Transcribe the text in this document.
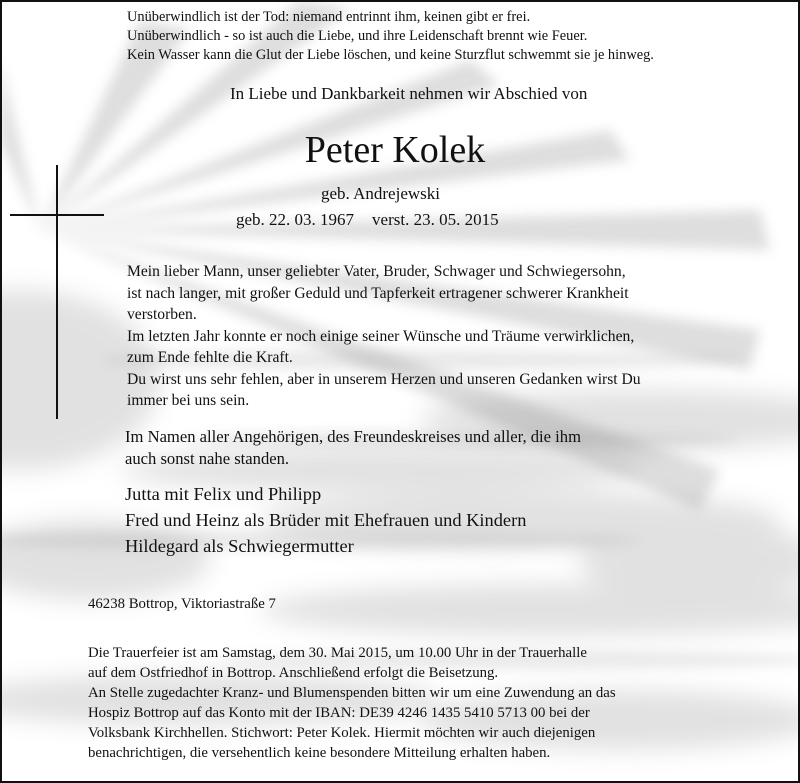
Unüberwindlich ist der Tod: niemand entrinnt ihm, keinen gibt er frei.
Unüberwindlich - so ist auch die Liebe, und ihre Leidenschaft brennt wie Feuer.
Kein Wasser kann die Glut der Liebe löschen, und keine Sturzflut schwemmt sie je hinweg.
In Liebe und Dankbarkeit nehmen wir Abschied von
Peter Kolek
geb. Andrejewski
geb. 22. 03. 1967 verst. 23. 05. 2015
Mein lieber Mann, unser geliebter Vater, Bruder, Schwager und Schwiegersohn,
ist nach langer, mit großer Geduld und Tapferkeit ertragener schwerer Krankheit
verstorben.
Im letzten Jahr konnte er noch einige seiner Wünsche und Träume verwirklichen,
zum Ende fehlte die Kraft.
Du wirst uns sehr fehlen, aber in unserem Herzen und unseren Gedanken wirst Du
immer bei uns sein.
Im Namen aller Angehörigen, des Freundeskreises und aller, die ihm
auch sonst nahe standen.
Jutta mit Felix und Philipp
Fred und Heinz als Brüder mit Ehefrauen und Kindern
Hildegard als Schwiegermutter
46238 Bottrop, Viktoriastraße 7
Die Trauerfeier ist am Samstag, dem 30. Mai 2015, um 10.00 Uhr in der Trauerhalle
auf dem Ostfriedhof in Bottrop. Anschließend erfolgt die Beisetzung.
An Stelle zugedachter Kranz- und Blumenspenden bitten wir um eine Zuwendung an das
Hospiz Bottrop auf das Konto mit der IBAN: DE39 4246 1435 5410 5713 00 bei der
Volksbank Kirchhellen. Stichwort: Peter Kolek. Hiermit möchten wir auch diejenigen
benachrichtigen, die versehentlich keine besondere Mitteilung erhalten haben.
